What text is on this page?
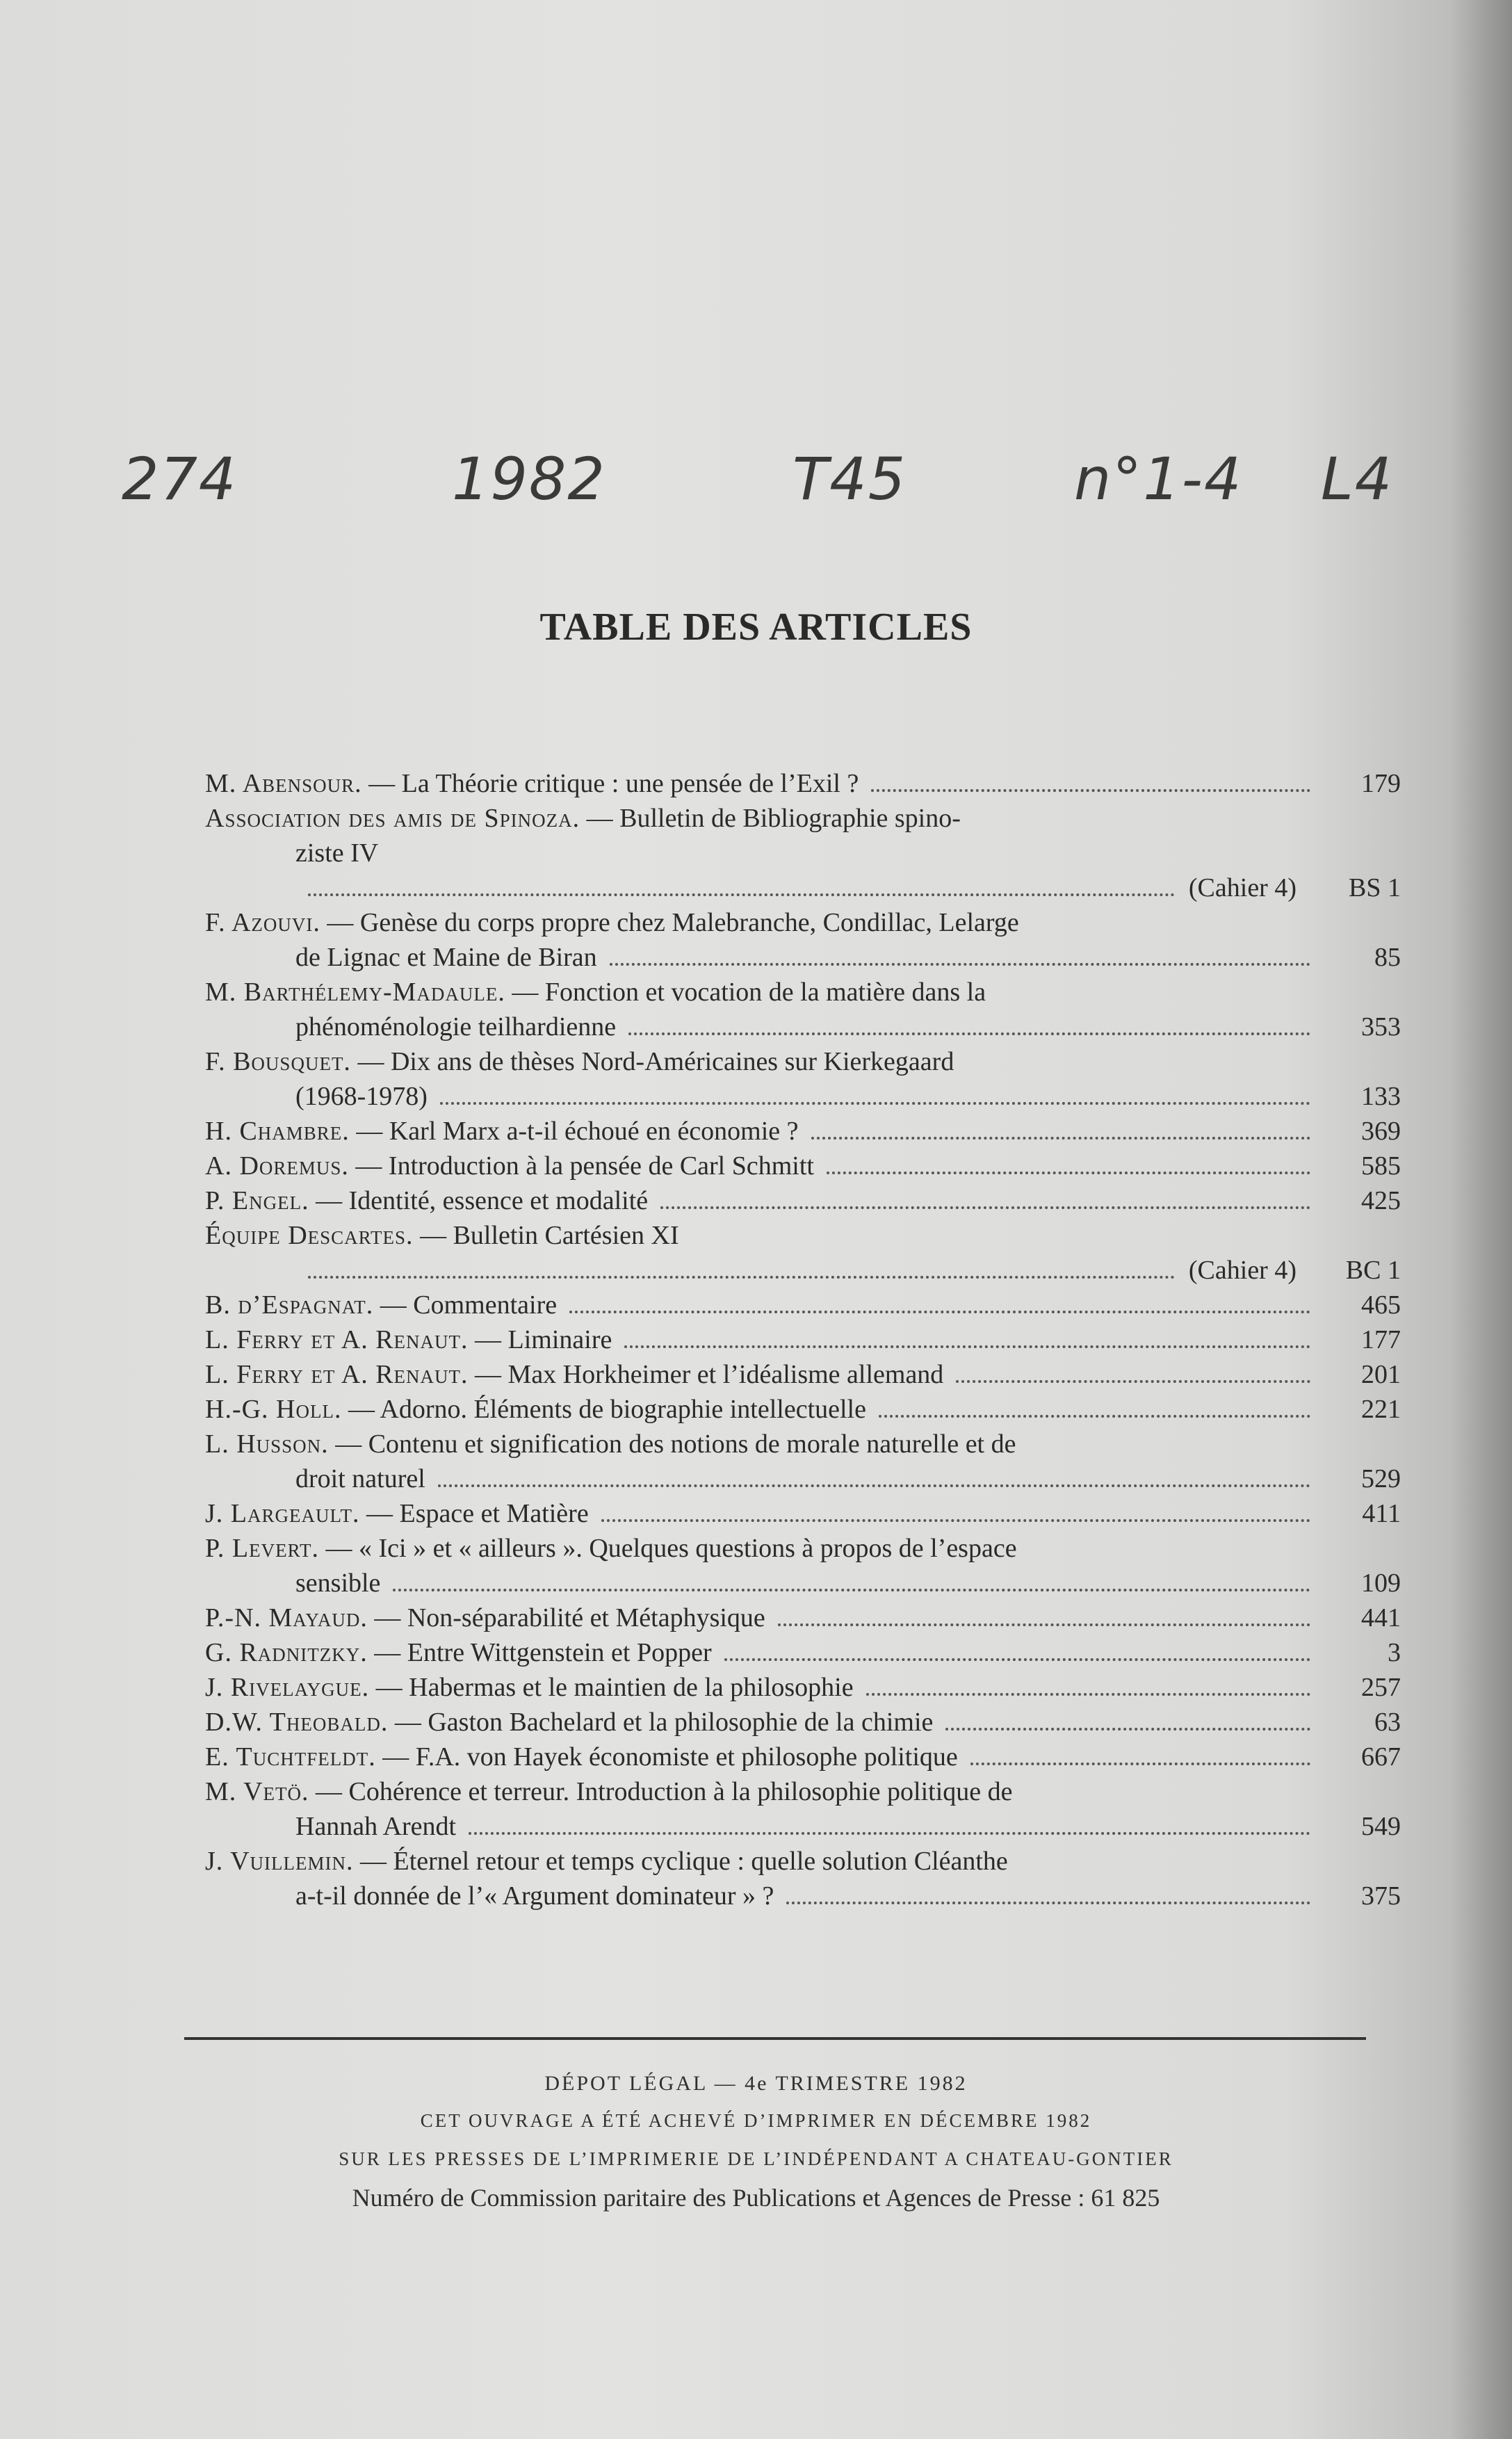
274	1982	T45	n°1-4 L4
TABLE DES ARTICLES
M. Abensour. — La Théorie critique : une pensée de l’Exil ?	179
Association des amis de Spinoza. — Bulletin de Bibliographie spino-
ziste IV
(Cahier 4)	BS 1
F. Azouvi. — Genèse du corps propre chez Malebranche, Condillac, Lelarge
de Lignac et Maine de Biran	85
M. Barthélemy-Madaule. — Fonction et vocation de la matière dans la
phénoménologie teilhardienne	353
F. Bousquet. — Dix ans de thèses Nord-Américaines sur Kierkegaard
(1968-1978)	133
H. Chambre. — Karl Marx a-t-il échoué en économie ?	369
A. Doremus. — Introduction à la pensée de Carl Schmitt	585
P. Engel. — Identité, essence et modalité	425
Équipe Descartes. — Bulletin Cartésien XI
(Cahier 4)	BC 1
B. d’Espagnat. — Commentaire	465
L. Ferry et A. Renaut. — Liminaire	177
L. Ferry et A. Renaut. — Max Horkheimer et l’idéalisme allemand	201
H.-G. Holl. — Adorno. Éléments de biographie intellectuelle	221
L. Husson. — Contenu et signification des notions de morale naturelle et de
droit naturel	529
J. Largeault. — Espace et Matière	411
P. Levert. — « Ici » et « ailleurs ». Quelques questions à propos de l’espace
sensible	109
P.-N. Mayaud. — Non-séparabilité et Métaphysique	441
G. Radnitzky. — Entre Wittgenstein et Popper	3
J. Rivelaygue. — Habermas et le maintien de la philosophie	257
D.W. Theobald. — Gaston Bachelard et la philosophie de la chimie	63
E. Tuchtfeldt. — F.A. von Hayek économiste et philosophe politique	667
M. Vetö. — Cohérence et terreur. Introduction à la philosophie politique de
Hannah Arendt	549
J. Vuillemin. — Éternel retour et temps cyclique : quelle solution Cléanthe
a-t-il donnée de l’« Argument dominateur » ?	375
DÉPOT LÉGAL — 4e TRIMESTRE 1982
CET OUVRAGE A ÉTÉ ACHEVÉ D’IMPRIMER EN DÉCEMBRE 1982
SUR LES PRESSES DE L’IMPRIMERIE DE L’INDÉPENDANT A CHATEAU-GONTIER
Numéro de Commission paritaire des Publications et Agences de Presse : 61 825
